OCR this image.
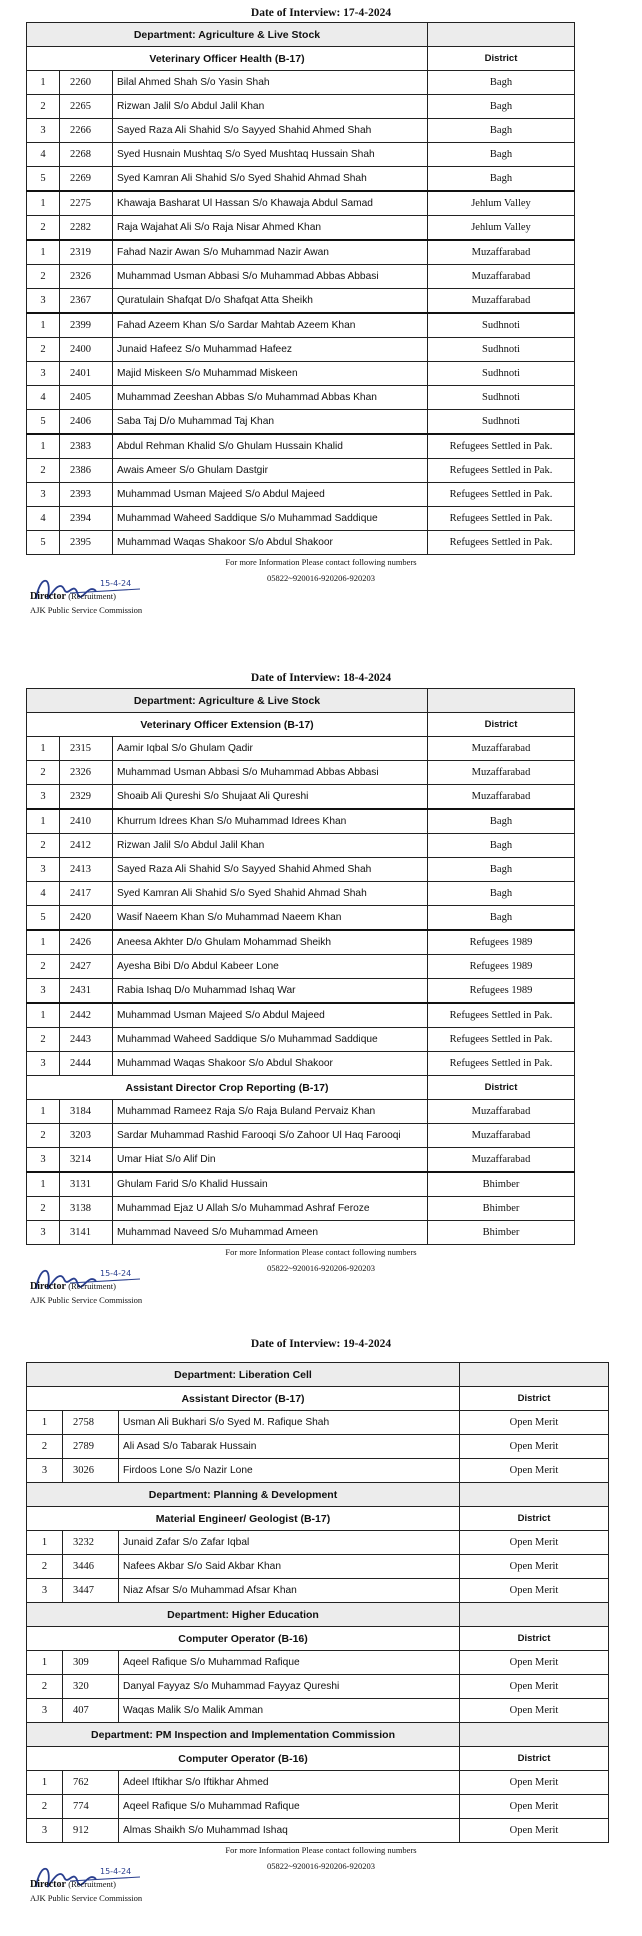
Date of Interview: 17-4-2024
Department: Agriculture & Live Stock			
Veterinary Officer Health (B-17)			District
1	2260	Bilal Ahmed Shah S/o Yasin Shah	Bagh
2	2265	Rizwan Jalil S/o Abdul Jalil Khan	Bagh
3	2266	Sayed Raza Ali Shahid S/o Sayyed Shahid Ahmed Shah	Bagh
4	2268	Syed Husnain Mushtaq S/o Syed Mushtaq Hussain Shah	Bagh
5	2269	Syed Kamran Ali Shahid S/o Syed Shahid Ahmad Shah	Bagh
1	2275	Khawaja Basharat Ul Hassan S/o Khawaja Abdul Samad	Jehlum Valley
2	2282	Raja Wajahat Ali S/o Raja Nisar Ahmed Khan	Jehlum Valley
1	2319	Fahad Nazir Awan S/o Muhammad Nazir Awan	Muzaffarabad
2	2326	Muhammad Usman Abbasi S/o Muhammad Abbas Abbasi	Muzaffarabad
3	2367	Quratulain Shafqat D/o Shafqat Atta Sheikh	Muzaffarabad
1	2399	Fahad Azeem Khan S/o Sardar Mahtab Azeem Khan	Sudhnoti
2	2400	Junaid Hafeez S/o Muhammad Hafeez	Sudhnoti
3	2401	Majid Miskeen S/o Muhammad Miskeen	Sudhnoti
4	2405	Muhammad Zeeshan Abbas S/o Muhammad Abbas Khan	Sudhnoti
5	2406	Saba Taj D/o Muhammad Taj Khan	Sudhnoti
1	2383	Abdul Rehman Khalid S/o Ghulam Hussain Khalid	Refugees Settled in Pak.
2	2386	Awais Ameer S/o Ghulam Dastgir	Refugees Settled in Pak.
3	2393	Muhammad Usman Majeed S/o Abdul Majeed	Refugees Settled in Pak.
4	2394	Muhammad Waheed Saddique S/o Muhammad Saddique	Refugees Settled in Pak.
5	2395	Muhammad Waqas Shakoor S/o Abdul Shakoor	Refugees Settled in Pak.
For more Information Please contact following numbers
05822~920016-920206-920203
15-4-24
Director (Recruitment)
AJK Public Service Commission
Date of Interview: 18-4-2024
Department: Agriculture & Live Stock			
Veterinary Officer Extension (B-17)			District
1	2315	Aamir Iqbal S/o Ghulam Qadir	Muzaffarabad
2	2326	Muhammad Usman Abbasi S/o Muhammad Abbas Abbasi	Muzaffarabad
3	2329	Shoaib Ali Qureshi S/o Shujaat Ali Qureshi	Muzaffarabad
1	2410	Khurrum Idrees Khan S/o Muhammad Idrees Khan	Bagh
2	2412	Rizwan Jalil S/o Abdul Jalil Khan	Bagh
3	2413	Sayed Raza Ali Shahid S/o Sayyed Shahid Ahmed Shah	Bagh
4	2417	Syed Kamran Ali Shahid S/o Syed Shahid Ahmad Shah	Bagh
5	2420	Wasif Naeem Khan S/o Muhammad Naeem Khan	Bagh
1	2426	Aneesa Akhter D/o Ghulam Mohammad Sheikh	Refugees 1989
2	2427	Ayesha Bibi D/o Abdul Kabeer Lone	Refugees 1989
3	2431	Rabia Ishaq D/o Muhammad Ishaq War	Refugees 1989
1	2442	Muhammad Usman Majeed S/o Abdul Majeed	Refugees Settled in Pak.
2	2443	Muhammad Waheed Saddique S/o Muhammad Saddique	Refugees Settled in Pak.
3	2444	Muhammad Waqas Shakoor S/o Abdul Shakoor	Refugees Settled in Pak.
Assistant Director Crop Reporting (B-17)			District
1	3184	Muhammad Rameez Raja S/o Raja Buland Pervaiz Khan	Muzaffarabad
2	3203	Sardar Muhammad Rashid Farooqi S/o Zahoor Ul Haq Farooqi	Muzaffarabad
3	3214	Umar Hiat S/o Alif Din	Muzaffarabad
1	3131	Ghulam Farid S/o Khalid Hussain	Bhimber
2	3138	Muhammad Ejaz U Allah S/o Muhammad Ashraf Feroze	Bhimber
3	3141	Muhammad Naveed S/o Muhammad Ameen	Bhimber
For more Information Please contact following numbers
05822~920016-920206-920203
15-4-24
Director (Recruitment)
AJK Public Service Commission
Date of Interview: 19-4-2024
Department: Liberation Cell			
Assistant Director (B-17)			District
1	2758	Usman Ali Bukhari S/o Syed M. Rafique Shah	Open Merit
2	2789	Ali Asad S/o Tabarak Hussain	Open Merit
3	3026	Firdoos Lone S/o Nazir Lone	Open Merit
Department: Planning & Development			
Material Engineer/ Geologist (B-17)			District
1	3232	Junaid Zafar S/o Zafar Iqbal	Open Merit
2	3446	Nafees Akbar S/o Said Akbar Khan	Open Merit
3	3447	Niaz Afsar S/o Muhammad Afsar Khan	Open Merit
Department: Higher Education			
Computer Operator (B-16)			District
1	309	Aqeel Rafique S/o Muhammad Rafique	Open Merit
2	320	Danyal Fayyaz S/o Muhammad Fayyaz Qureshi	Open Merit
3	407	Waqas Malik S/o Malik Amman	Open Merit
Department: PM Inspection and Implementation Commission			
Computer Operator (B-16)			District
1	762	Adeel Iftikhar S/o Iftikhar Ahmed	Open Merit
2	774	Aqeel Rafique S/o Muhammad Rafique	Open Merit
3	912	Almas Shaikh S/o Muhammad Ishaq	Open Merit
For more Information Please contact following numbers
05822~920016-920206-920203
15-4-24
Director (Recruitment)
AJK Public Service Commission
